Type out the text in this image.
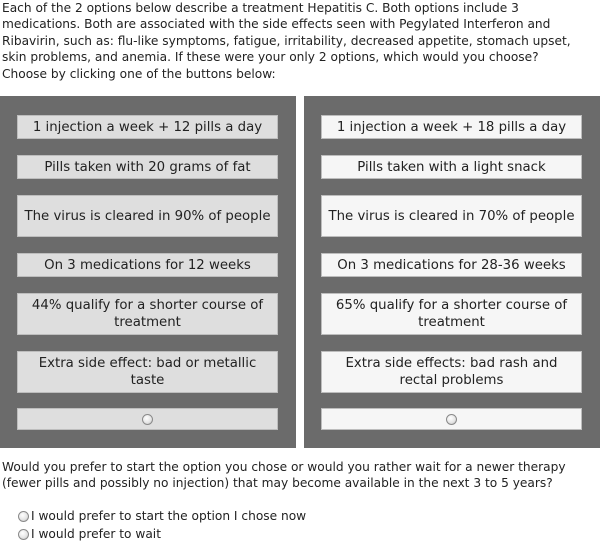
Each of the 2 options below describe a treatment Hepatitis C. Both options include 3
medications. Both are associated with the side effects seen with Pegylated Interferon and
Ribavirin, such as: flu-like symptoms, fatigue, irritability, decreased appetite, stomach upset,
skin problems, and anemia. If these were your only 2 options, which would you choose?
Choose by clicking one of the buttons below:
1 injection a week + 12 pills a day
Pills taken with 20 grams of fat
The virus is cleared in 90% of people
On 3 medications for 12 weeks
44% qualify for a shorter course of treatment
Extra side effect: bad or metallic taste
1 injection a week + 18 pills a day
Pills taken with a light snack
The virus is cleared in 70% of people
On 3 medications for 28-36 weeks
65% qualify for a shorter course of treatment
Extra side effects: bad rash and rectal problems
Would you prefer to start the option you chose or would you rather wait for a newer therapy
(fewer pills and possibly no injection) that may become available in the next 3 to 5 years?
I would prefer to start the option I chose now
I would prefer to wait
